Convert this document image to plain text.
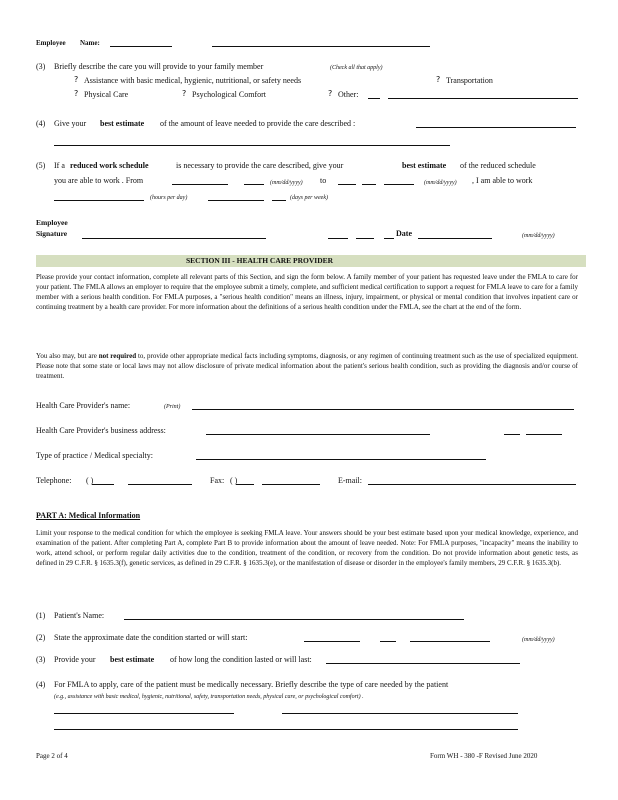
Employee Name:
(3) Briefly describe the care you will provide to your family member	(Check all that apply)
? Assistance with basic medical, hygienic, nutritional, or safety needs	? Transportation
? Physical Care	? Psychological Comfort	? Other:
(4) Give your best estimate of the amount of leave needed to provide the care described :
(5) If a reduced work schedule	is necessary to provide the care described, give your	best estimate of the reduced schedule
you are able to work . From	(mm/dd/yyyy) to	(mm/dd/yyyy) , I am able to work
(hours per day)	(days per week)
Employee
Signature	Date	(mm/dd/yyyy)
SECTION III - HEALTH CARE PROVIDER
Please provide your contact information, complete all relevant parts of this Section, and sign the form below. A family member of your patient has requested leave under the FMLA to care for your patient. The FMLA allows an employer to require that the employee submit a timely, complete, and sufficient medical certification to support a request for FMLA leave to care for a family member with a serious health condition. For FMLA purposes, a "serious health condition" means an illness, injury, impairment, or physical or mental condition that involves inpatient care or continuing treatment by a health care provider. For more information about the definitions of a serious health condition under the FMLA, see the chart at the end of the form.
You also may, but are not required to, provide other appropriate medical facts including symptoms, diagnosis, or any regimen of continuing treatment such as the use of specialized equipment. Please note that some state or local laws may not allow disclosure of private medical information about the patient's serious health condition, such as providing the diagnosis and/or course of treatment.
Health Care Provider's name:	(Print)
Health Care Provider's business address:
Type of practice / Medical specialty:
Telephone: ( )	Fax: ( )	E-mail:
PART A: Medical Information
Limit your response to the medical condition for which the employee is seeking FMLA leave. Your answers should be your best estimate based upon your medical knowledge, experience, and examination of the patient. After completing Part A, complete Part B to provide information about the amount of leave needed. Note: For FMLA purposes, "incapacity" means the inability to work, attend school, or perform regular daily activities due to the condition, treatment of the condition, or recovery from the condition. Do not provide information about genetic tests, as defined in 29 C.F.R. § 1635.3(f), genetic services, as defined in 29 C.F.R. § 1635.3(e), or the manifestation of disease or disorder in the employee's family members, 29 C.F.R. § 1635.3(b).
(1) Patient's Name:
(2) State the approximate date the condition started or will start:	(mm/dd/yyyy)
(3) Provide your best estimate of how long the condition lasted or will last:
(4) For FMLA to apply, care of the patient must be medically necessary. Briefly describe the type of care needed by the patient
(e.g., assistance with basic medical, hygienic, nutritional, safety, transportation needs, physical care, or psychological comfort) .
Page 2 of 4	Form WH - 380 -F Revised June 2020
